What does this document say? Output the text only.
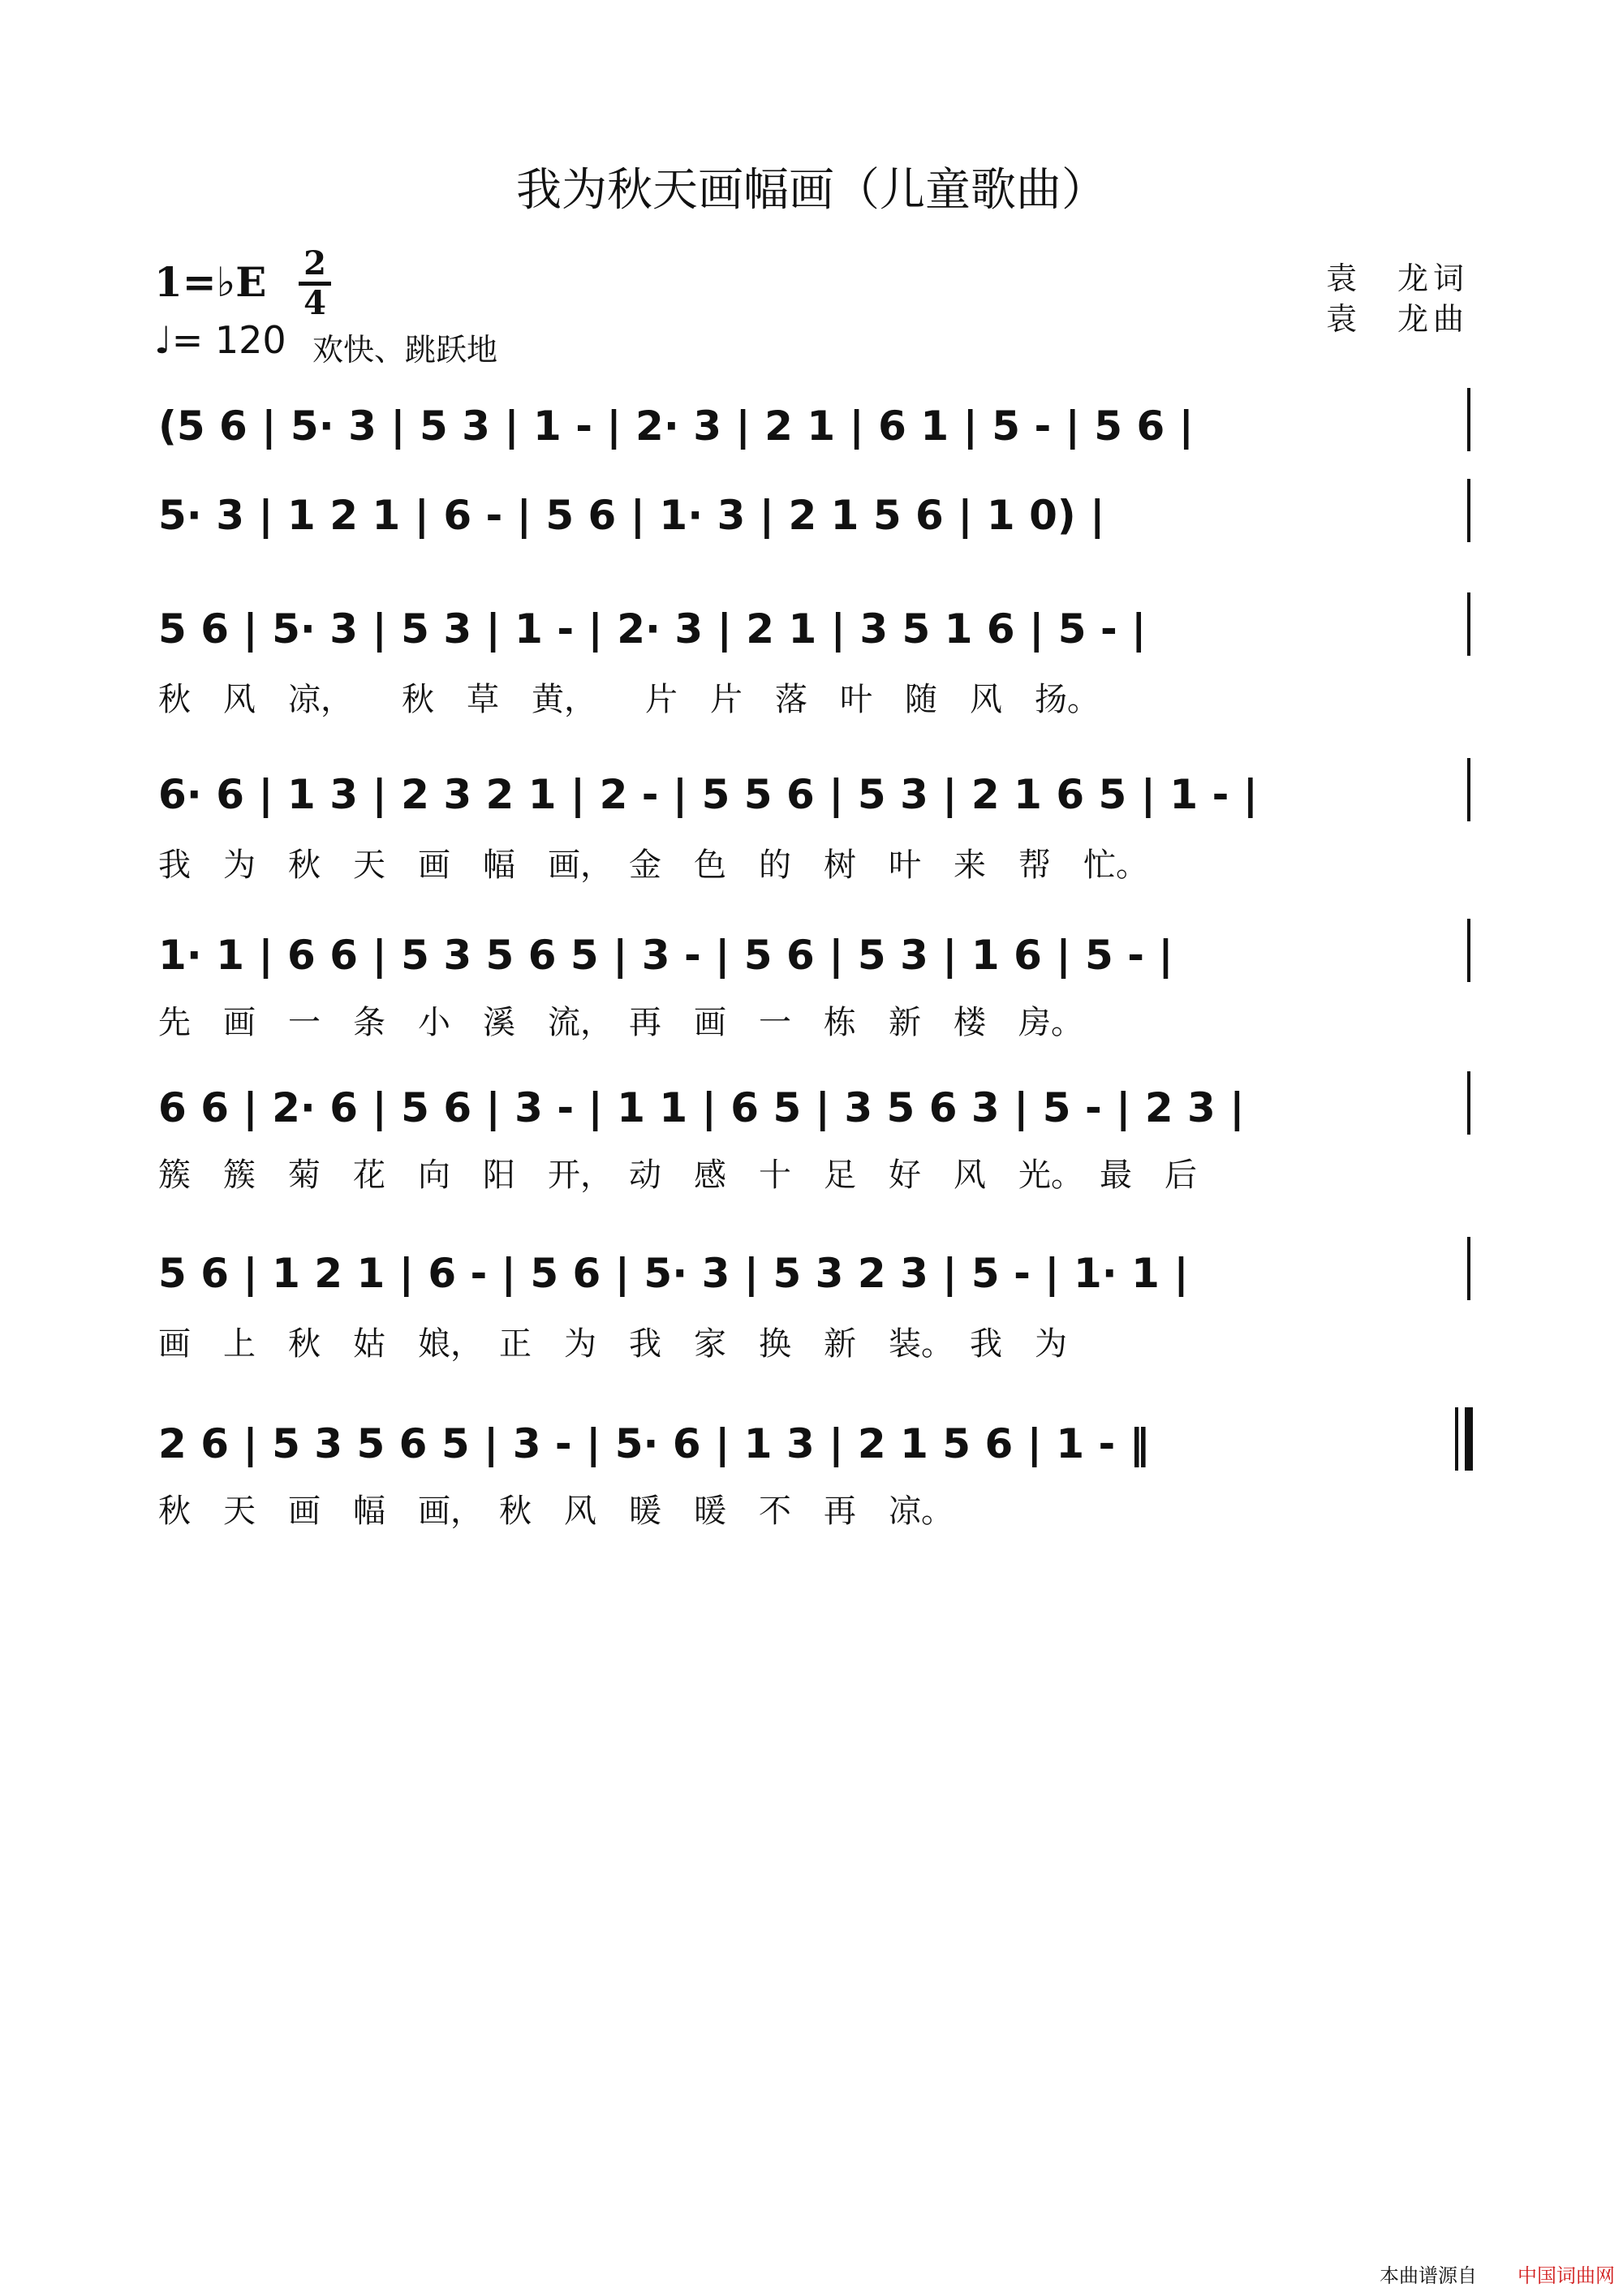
我为秋天画幅画（儿童歌曲）
1=♭E 2
4
♩= 120 欢快、跳跃地
袁　龙词
袁　龙曲
(5 6 | 5· 3 | 5 3 | 1 - | 2· 3 | 2 1 | 6 1 | 5 - | 5 6 |
5· 3 | 1 2 1 | 6 - | 5 6 | 1· 3 | 2 1 5 6 | 1 0) |
5 6 | 5· 3 | 5 3 | 1 - | 2· 3 | 2 1 | 3 5 1 6 | 5 - |
6· 6 | 1 3 | 2 3 2 1 | 2 - | 5 5 6 | 5 3 | 2 1 6 5 | 1 - |
1· 1 | 6 6 | 5 3 5 6 5 | 3 - | 5 6 | 5 3 | 1 6 | 5 - |
6 6 | 2· 6 | 5 6 | 3 - | 1 1 | 6 5 | 3 5 6 3 | 5 - | 2 3 |
5 6 | 1 2 1 | 6 - | 5 6 | 5· 3 | 5 3 2 3 | 5 - | 1· 1 |
2 6 | 5 3 5 6 5 | 3 - | 5· 6 | 1 3 | 2 1 5 6 | 1 - ‖
秋　风　凉，　　秋　草　黄，　　片　片　落　叶　随　风　扬。
我　为　秋　天　画　幅　画，　金　色　的　树　叶　来　帮　忙。
先　画　一　条　小　溪　流，　再　画　一　栋　新　楼　房。
簇　簇　菊　花　向　阳　开，　动　感　十　足　好　风　光。　最　后
画　上　秋　姑　娘，　正　为　我　家　换　新　装。　我　为
秋　天　画　幅　画，　秋　风　暖　暖　不　再　凉。
本曲谱源自 中国词曲网
